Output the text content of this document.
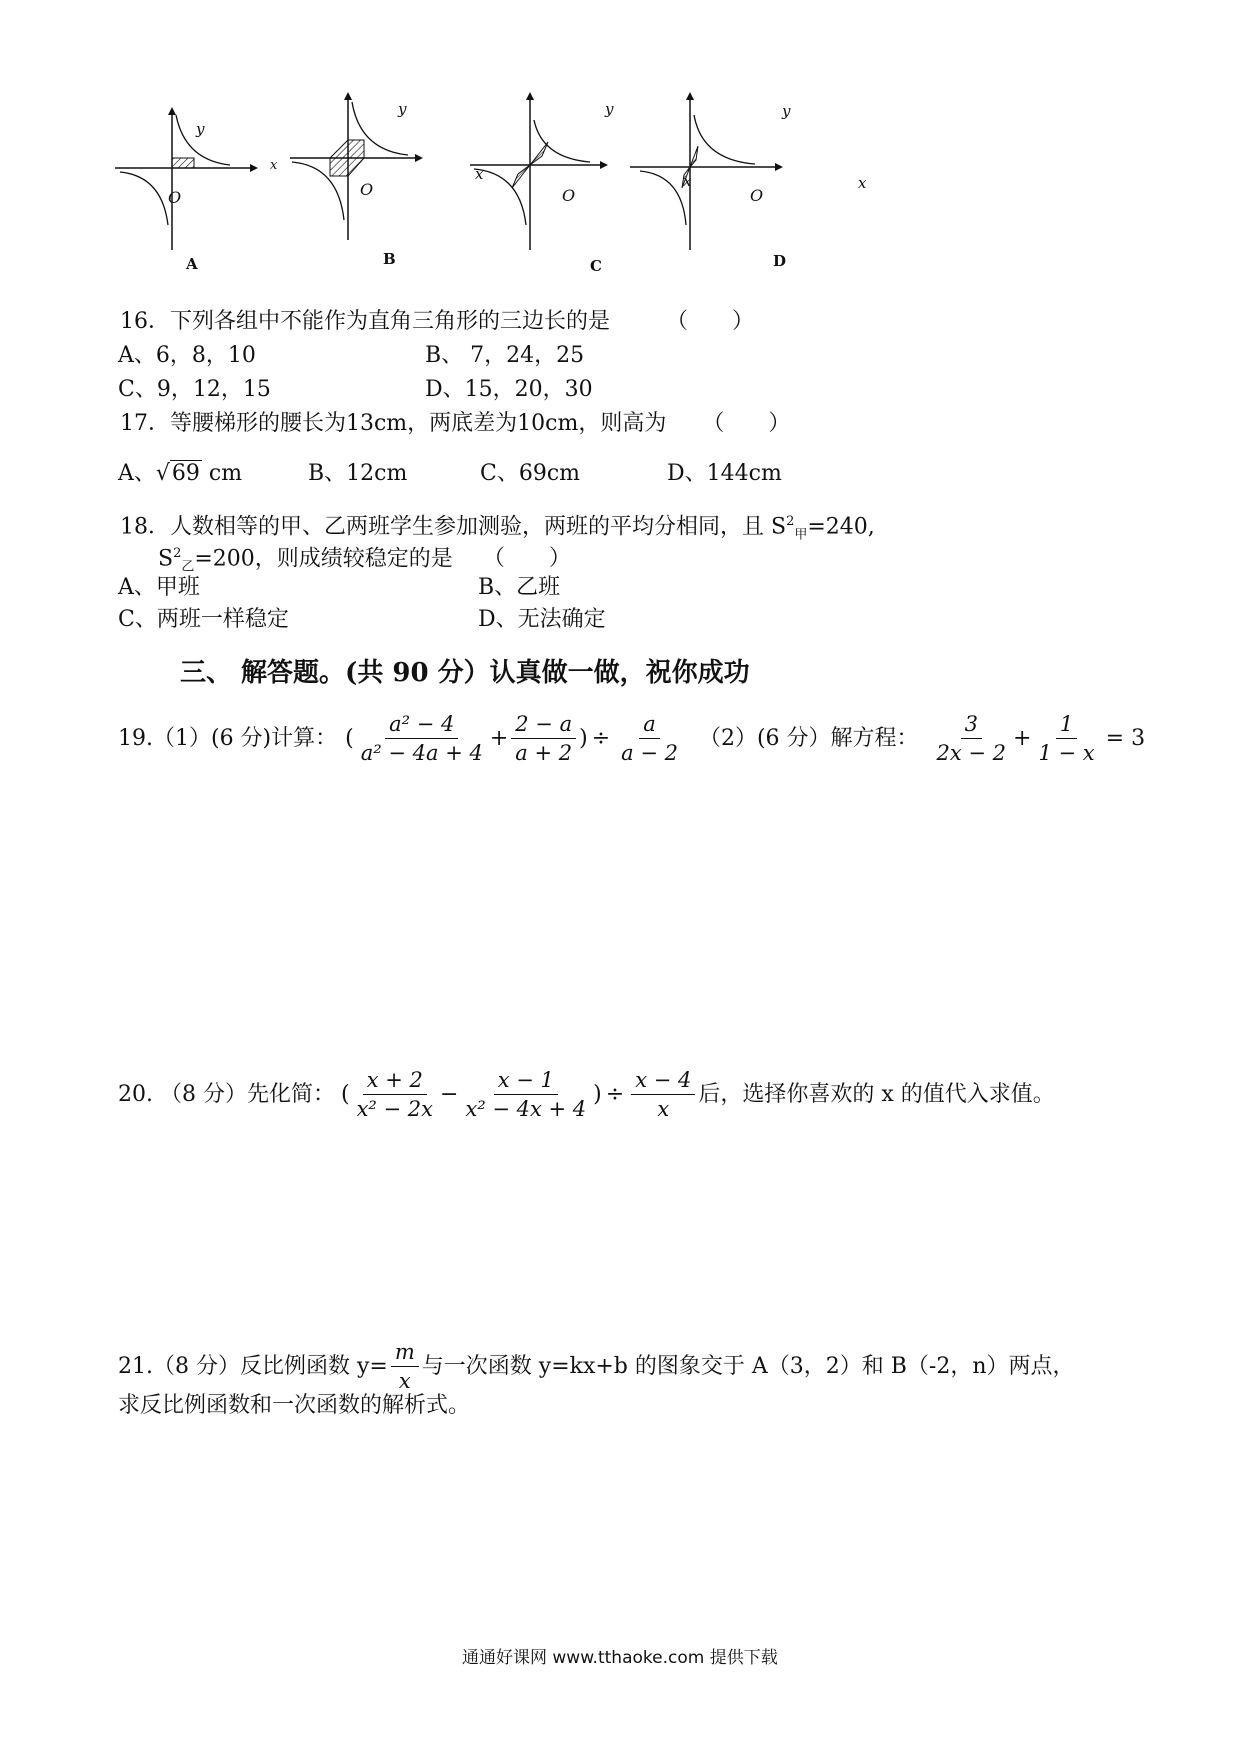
y
x
O
y
x
O
y
x
O
y
x
O
A	B	C	D
16．下列各组中不能作为直角三角形的三边长的是	（　　）
A、6，8，10	B、 7，24，25
C、9，12，15	D、15，20，30
17．等腰梯形的腰长为13cm，两底差为10cm，则高为 （　　）
A、√69 cm	B、12cm	C、69cm	D、144cm
18．人数相等的甲、乙两班学生参加测验，两班的平均分相同，且 $S^2_甲=240$,
$S^2_乙=200$，则成绩较稳定的是 （　　）
A、甲班	B、乙班
C、两班一样稳定	D、无法确定
三、 解答题。(共 90 分）认真做一做，祝你成功
19.（1）(6 分)计算： ( $\frac{\text{a² − 4}}{\text{a² − 4a + 4}} + \frac{2 - a}{a + 2}$ ) ÷ $\frac{a}{a - 2} (2)(6$ 分）解方程： $\frac{3}{2x - 2} + \frac{1}{1 - x} = 3$
20. （8 分）先化简： ( $\frac{x + 2}{\text{x² − 2x}} - \frac{x - 1}{\text{x² − 4x + 4}}$ ) ÷ $\frac{x - 4}{x}$ 后，选择你喜欢的 x 的值代入求值。
21.（8 分）反比例函数 $y= \frac{m}{x}$ 与一次函数 y=kx+b 的图象交于 A（3，2）和 B（-2，n）两点，
求反比例函数和一次函数的解析式。
通通好课网 www.tthaoke.com 提供下载
